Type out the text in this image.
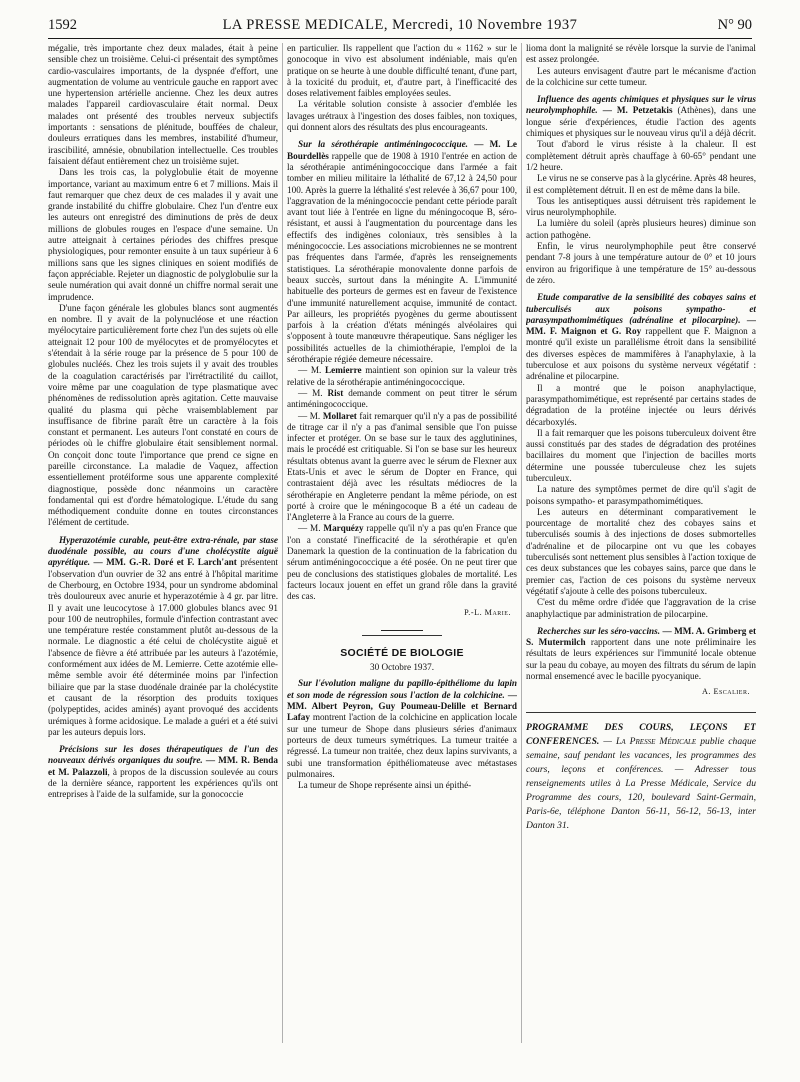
1592	LA PRESSE MEDICALE, Mercredi, 10 Novembre 1937	N° 90

mégalie, très importante chez deux malades, était à peine sensible chez un troisième. Celui-ci présentait des symptômes cardio-vasculaires importants, de la dyspnée d'effort, une augmentation de volume au ventricule gauche en rapport avec une hypertension artérielle ancienne. Chez les deux autres malades l'appareil cardiovasculaire était normal. Deux malades ont présenté des troubles nerveux subjectifs importants : sensations de plénitude, bouffées de chaleur, douleurs erratiques dans les membres, instabilité d'humeur, irascibilité, amnésie, obnubilation intellectuelle. Ces troubles faisaient défaut entièrement chez un troisième sujet.

Dans les trois cas, la polyglobulie était de moyenne importance, variant au maximum entre 6 et 7 millions. Mais il faut remarquer que chez deux de ces malades il y avait une grande instabilité du chiffre globulaire. Chez l'un d'entre eux les auteurs ont enregistré des diminutions de près de deux millions de globules rouges en l'espace d'une semaine. Un autre atteignait à certaines périodes des chiffres presque physiologiques, pour remonter ensuite à un taux supérieur à 6 millions sans que les signes cliniques en soient modifiés de façon appréciable. Rejeter un diagnostic de polyglobulie sur la seule numération qui avait donné un chiffre normal serait une imprudence.

D'une façon générale les globules blancs sont augmentés en nombre. Il y avait de la polynucléose et une réaction myélocytaire particulièrement forte chez l'un des sujets où elle atteignait 12 pour 100 de myélocytes et de promyélocytes et s'étendait à la série rouge par la présence de 5 pour 100 de globules nucléés. Chez les trois sujets il y avait des troubles de la coagulation caractérisés par l'irrétractilité du caillot, voire même par une coagulation de type plasmatique avec phénomènes de redissolution après agitation. Cette mauvaise qualité du plasma qui pèche vraisemblablement par insuffisance de fibrine paraît être un caractère à la fois constant et permanent. Les auteurs l'ont constaté en cours de périodes où le chiffre globulaire était sensiblement normal. On conçoit donc toute l'importance que prend ce signe en pareille circonstance. La maladie de Vaquez, affection essentiellement protéiforme sous une apparente complexité diagnostique, possède donc néanmoins un caractère fondamental qui est d'ordre hématologique. L'étude du sang méthodiquement conduite donne en toutes circonstances l'élément de certitude.

Hyperazotémie curable, peut-être extra-rénale, par stase duodénale possible, au cours d'une cholécystite aiguë apyrétique. — MM. G.-R. Doré et F. Larch'ant présentent l'observation d'un ouvrier de 32 ans entré à l'hôpital maritime de Cherbourg, en Octobre 1934, pour un syndrome abdominal très douloureux avec anurie et hyperazotémie à 4 gr. par litre. Il y avait une leucocytose à 17.000 globules blancs avec 91 pour 100 de neutrophiles, formule d'infection contrastant avec une température restée constamment plutôt au-dessous de la normale. Le diagnostic a été celui de cholécystite aiguë et l'absence de fièvre a été attribuée par les auteurs à l'azotémie, conformément aux idées de M. Lemierre. Cette azotémie elle-même semble avoir été déterminée moins par l'infection biliaire que par la stase duodénale drainée par la cholécystite et causant de la résorption des produits toxiques (polypeptides, acides aminés) ayant provoqué des accidents urémiques à forme acidosique. Le malade a guéri et a été suivi par les auteurs depuis lors.

Précisions sur les doses thérapeutiques de l'un des nouveaux dérivés organiques du soufre. — MM. R. Benda et M. Palazzoli, à propos de la discussion soulevée au cours de la dernière séance, rapportent les expériences qu'ils ont entreprises à l'aide de la sulfamide, sur la gonococcie

en particulier. Ils rappellent que l'action du « 1162 » sur le gonocoque in vivo est absolument indéniable, mais qu'en pratique on se heurte à une double difficulté tenant, d'une part, à la toxicité du produit, et, d'autre part, à l'inefficacité des doses relativement faibles employées seules.

La véritable solution consiste à associer d'emblée les lavages urétraux à l'ingestion des doses faibles, non toxiques, qui donnent alors des résultats des plus encourageants.

Sur la sérothérapie antiméningococcique. — M. Le Bourdellès rappelle que de 1908 à 1910 l'entrée en action de la sérothérapie antiméningococcique dans l'armée a fait tomber en milieu militaire la léthalité de 67,12 à 24,50 pour 100. Après la guerre la léthalité s'est relevée à 36,67 pour 100, l'aggravation de la méningococcie pendant cette période paraît avant tout liée à l'entrée en ligne du méningocoque B, séro-résistant, et aussi à l'augmentation du pourcentage dans les effectifs des indigènes coloniaux, très sensibles à la méningococcie. Les associations microbiennes ne se montrent pas fréquentes dans l'armée, d'après les renseignements statistiques. La sérothérapie monovalente donne parfois de beaux succès, surtout dans la méningite A. L'immunité habituelle des porteurs de germes est en faveur de l'existence d'une immunité naturellement acquise, immunité de contact. Par ailleurs, les propriétés pyogènes du germe aboutissent parfois à la création d'états méningés alvéolaires qui s'opposent à toute manœuvre thérapeutique. Sans négliger les possibilités actuelles de la chimiothérapie, l'emploi de la sérothérapie régiée demeure nécessaire.

— M. Lemierre maintient son opinion sur la valeur très relative de la sérothérapie antiméningococcique.

— M. Rist demande comment on peut titrer le sérum antiméningococcique.

— M. Mollaret fait remarquer qu'il n'y a pas de possibilité de titrage car il n'y a pas d'animal sensible que l'on puisse infecter et protéger. On se base sur le taux des agglutinines, mais le procédé est critiquable. Si l'on se base sur les heureux résultats obtenus avant la guerre avec le sérum de Flexner aux Etats-Unis et avec le sérum de Dopter en France, qui contrastaient déjà avec les résultats médiocres de la sérothérapie en Angleterre pendant la même période, on est porté à croire que le méningocoque B a été un cadeau de l'Angleterre à la France au cours de la guerre.

— M. Marquézy rappelle qu'il n'y a pas qu'en France que l'on a constaté l'inefficacité de la sérothérapie et qu'en Danemark la question de la continuation de la fabrication du sérum antiméningococcique a été posée. On ne peut tirer que peu de conclusions des statistiques globales de mortalité. Les facteurs locaux jouent en effet un grand rôle dans la gravité des cas.

P.-L. Marie.
SOCIÉTÉ DE BIOLOGIE
30 Octobre 1937.

Sur l'évolution maligne du papillo-épithéliome du lapin et son mode de régression sous l'action de la colchicine. — MM. Albert Peyron, Guy Poumeau-Delille et Bernard Lafay montrent l'action de la colchicine en application locale sur une tumeur de Shope dans plusieurs séries d'animaux porteurs de deux tumeurs symétriques. La tumeur traitée a régressé. La tumeur non traitée, chez deux lapins survivants, a subi une transformation épithéliomateuse avec métastases pulmonaires.

La tumeur de Shope représente ainsi un épithé-

lioma dont la malignité se révèle lorsque la survie de l'animal est assez prolongée.

Les auteurs envisagent d'autre part le mécanisme d'action de la colchicine sur cette tumeur.

Influence des agents chimiques et physiques sur le virus neurolymphophile. — M. Petzetakis (Athènes), dans une longue série d'expériences, étudie l'action des agents chimiques et physiques sur le nouveau virus qu'il a déjà décrit.

Tout d'abord le virus résiste à la chaleur. Il est complètement détruit après chauffage à 60-65° pendant une 1/2 heure.

Le virus ne se conserve pas à la glycérine. Après 48 heures, il est complètement détruit. Il en est de même dans la bile.

Tous les antiseptiques aussi détruisent très rapidement le virus neurolymphophile.

La lumière du soleil (après plusieurs heures) diminue son action pathogène.

Enfin, le virus neurolymphophile peut être conservé pendant 7-8 jours à une température autour de 0° et 10 jours environ au frigorifique à une température de 15° au-dessous de zéro.

Etude comparative de la sensibilité des cobayes sains et tuberculisés aux poisons sympatho- et parasympathomimétiques (adrénaline et pilocarpine). — MM. F. Maignon et G. Roy rappellent que F. Maignon a montré qu'il existe un parallélisme étroit dans la sensibilité des diverses espèces de mammifères à l'anaphylaxie, à la tuberculose et aux poisons du système nerveux végétatif : adrénaline et pilocarpine.

Il a montré que le poison anaphylactique, parasympathomimétique, est représenté par certains stades de dégradation de la protéine injectée ou leurs dérivés décarboxylés.

Il a fait remarquer que les poisons tuberculeux doivent être aussi constitués par des stades de dégradation des protéines bacillaires du moment que l'injection de bacilles morts détermine une poussée tuberculeuse chez les sujets tuberculeux.

La nature des symptômes permet de dire qu'il s'agit de poisons sympatho- et parasympathomimétiques.

Les auteurs en déterminant comparativement le pourcentage de mortalité chez des cobayes sains et tuberculisés soumis à des injections de doses submortelles d'adrénaline et de pilocarpine ont vu que les cobayes tuberculisés sont nettement plus sensibles à l'action toxique de ces deux substances que les cobayes sains, parce que dans le premier cas, l'action de ces poisons du système nerveux végétatif s'ajoute à celle des poisons tuberculeux.

C'est du même ordre d'idée que l'aggravation de la crise anaphylactique par administration de pilocarpine.

Recherches sur les séro-vaccins. — MM. A. Grimberg et S. Mutermilch rapportent dans une note préliminaire les résultats de leurs expériences sur l'immunité locale obtenue sur la peau du cobaye, au moyen des filtrats du sérum de lapin normal ensemencé avec le bacille pyocyanique.

A. Escalier.
PROGRAMME DES COURS, LEÇONS ET CONFERENCES. — La Presse Médicale publie chaque semaine, sauf pendant les vacances, les programmes des cours, leçons et conférences. — Adresser tous renseignements utiles à La Presse Médicale, Service du Programme des cours, 120, boulevard Saint-Germain, Paris-6e, téléphone Danton 56-11, 56-12, 56-13, inter Danton 31.
